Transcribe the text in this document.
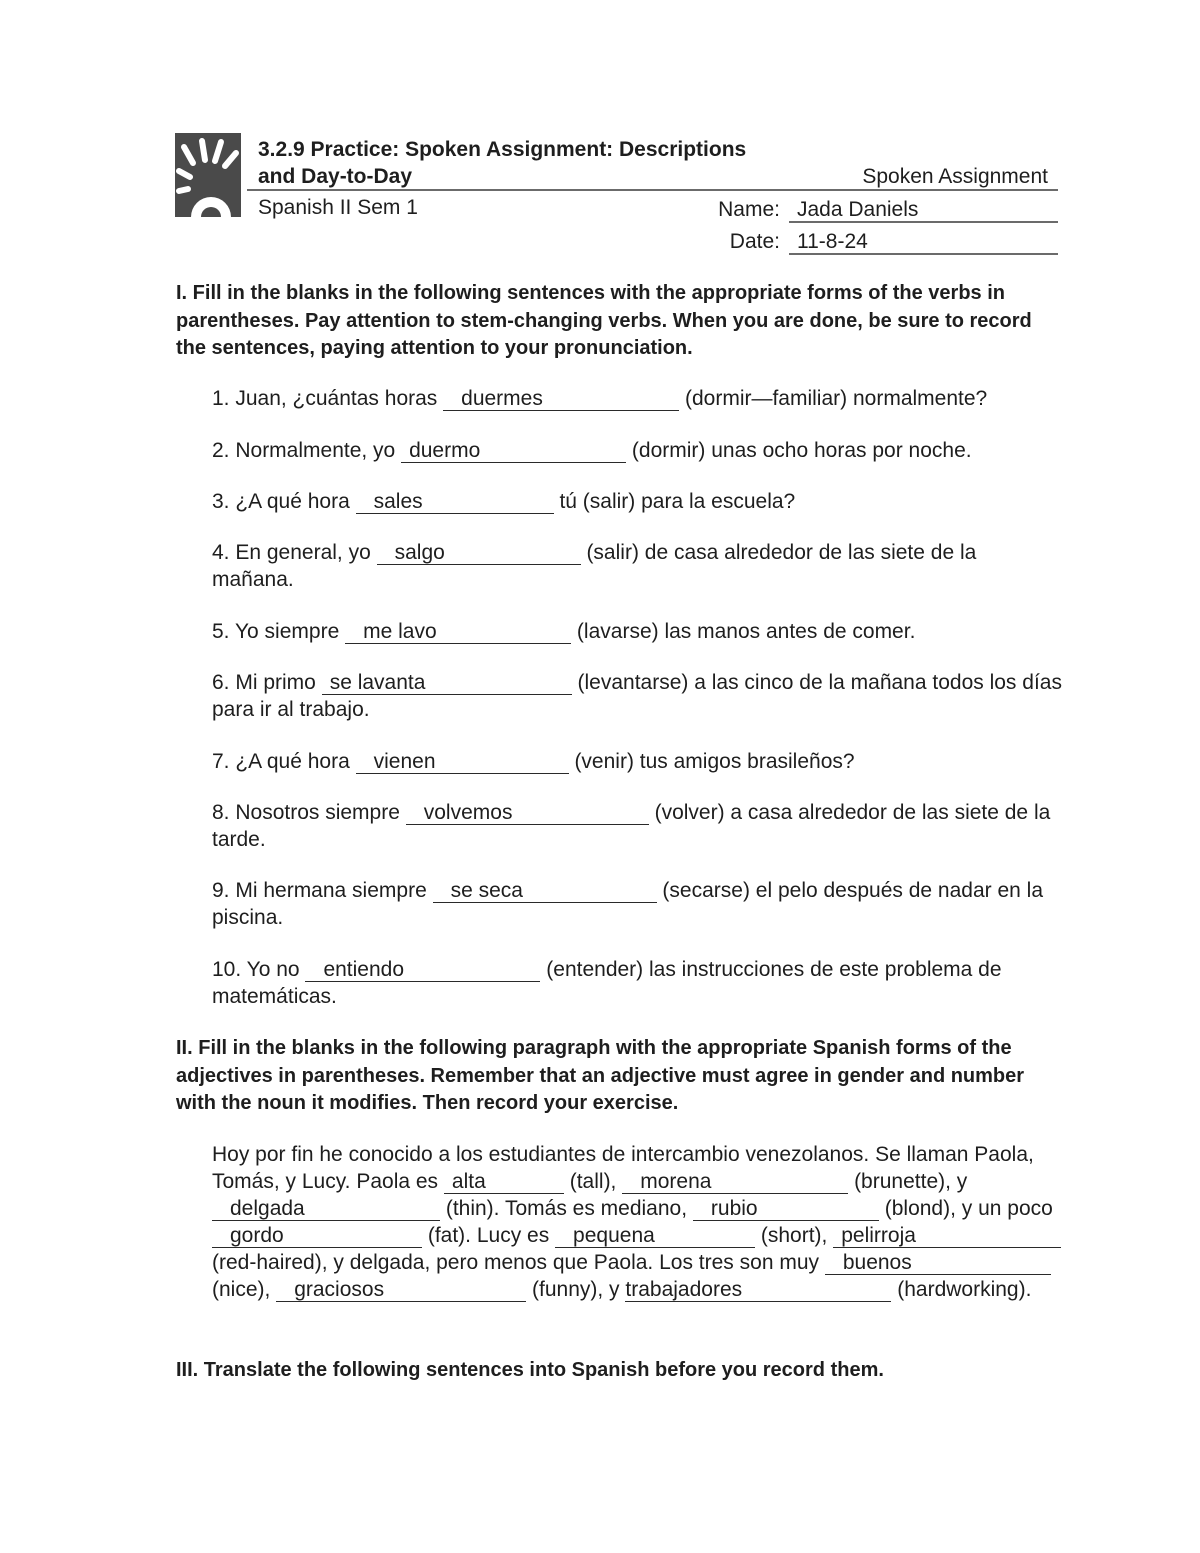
3.2.9 Practice: Spoken Assignment: Descriptions
and Day-to-Day	Spoken Assignment
Spanish II Sem 1	Name: Jada Daniels
Date: 11-8-24
I. Fill in the blanks in the following sentences with the appropriate forms of the verbs in parentheses. Pay attention to stem-changing verbs. When you are done, be sure to record the sentences, paying attention to your pronunciation.
1. Juan, ¿cuántas horas duermes	(dormir—familiar) normalmente?
2. Normalmente, yo duermo	(dormir) unas ocho horas por noche.
3. ¿A qué hora sales	tú (salir) para la escuela?
4. En general, yo salgo	(salir) de casa alrededor de las siete de la mañana.
5. Yo siempre me lavo	(lavarse) las manos antes de comer.
6. Mi primo se lavanta	(levantarse) a las cinco de la mañana todos los días para ir al trabajo.
7. ¿A qué hora vienen	(venir) tus amigos brasileños?
8. Nosotros siempre volvemos	(volver) a casa alrededor de las siete de la tarde.
9. Mi hermana siempre se seca	(secarse) el pelo después de nadar en la piscina.
10. Yo no entiendo	(entender) las instrucciones de este problema de matemáticas.
II. Fill in the blanks in the following paragraph with the appropriate Spanish forms of the adjectives in parentheses. Remember that an adjective must agree in gender and number with the noun it modifies. Then record your exercise.
Hoy por fin he conocido a los estudiantes de intercambio venezolanos. Se llaman Paola, Tomás, y Lucy. Paola es alta	(tall), morena	(brunette), y delgada	(thin). Tomás es mediano, rubio	(blond), y un poco gordo	(fat). Lucy es pequena	(short), pelirroja (red-haired), y delgada, pero menos que Paola. Los tres son muy buenos (nice), graciosos	(funny), y trabajadores	(hardworking).
III. Translate the following sentences into Spanish before you record them.
